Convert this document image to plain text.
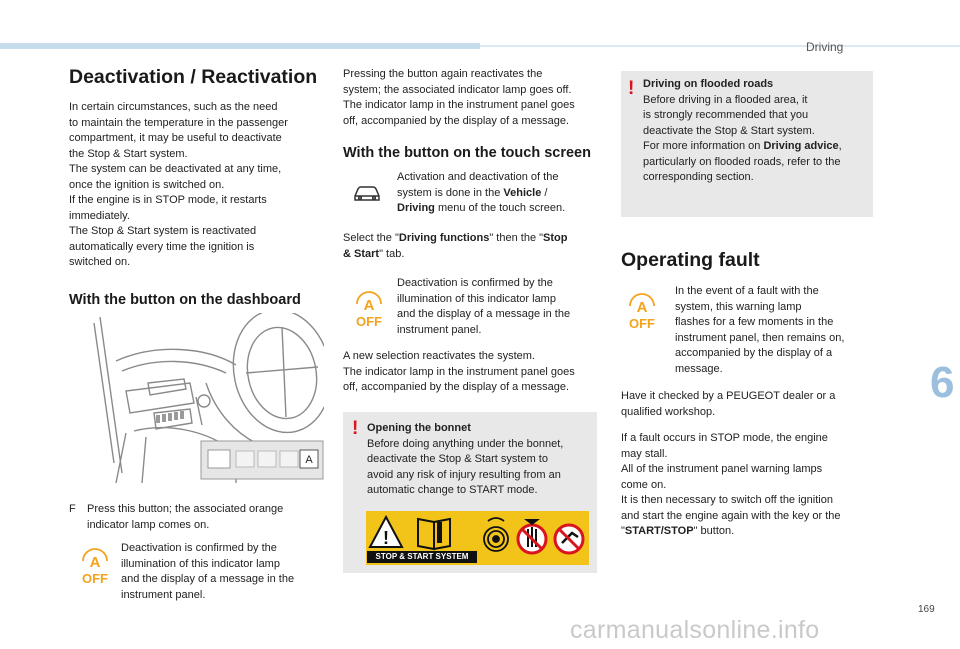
Driving
6
169
carmanualsonline.info
Deactivation / Reactivation
In certain circumstances, such as the need
to maintain the temperature in the passenger
compartment, it may be useful to deactivate
the Stop & Start system.
The system can be deactivated at any time,
once the ignition is switched on.
If the engine is in STOP mode, it restarts
immediately.
The Stop & Start system is reactivated
automatically every time the ignition is
switched on.
With the button on the dashboard
A
F	Press this button; the associated orange
indicator lamp comes on.
A
OFF
Deactivation is confirmed by the
illumination of this indicator lamp
and the display of a message in the
instrument panel.
Pressing the button again reactivates the
system; the associated indicator lamp goes off.
The indicator lamp in the instrument panel goes
off, accompanied by the display of a message.
With the button on the touch screen
Activation and deactivation of the
system is done in the Vehicle /
Driving menu of the touch screen.
Select the "Driving functions" then the "Stop
& Start" tab.
A
OFF
Deactivation is confirmed by the
illumination of this indicator lamp
and the display of a message in the
instrument panel.
A new selection reactivates the system.
The indicator lamp in the instrument panel goes
off, accompanied by the display of a message.
! Opening the bonnet
Before doing anything under the bonnet,
deactivate the Stop & Start system to
avoid any risk of injury resulting from an
automatic change to START mode.
!
STOP & START SYSTEM
! Driving on flooded roads
Before driving in a flooded area, it
is strongly recommended that you
deactivate the Stop & Start system.
For more information on Driving advice,
particularly on flooded roads, refer to the
corresponding section.
Operating fault
A
OFF
In the event of a fault with the
system, this warning lamp
flashes for a few moments in the
instrument panel, then remains on,
accompanied by the display of a
message.
Have it checked by a PEUGEOT dealer or a
qualified workshop.
If a fault occurs in STOP mode, the engine
may stall.
All of the instrument panel warning lamps
come on.
It is then necessary to switch off the ignition
and start the engine again with the key or the
"START/STOP" button.
